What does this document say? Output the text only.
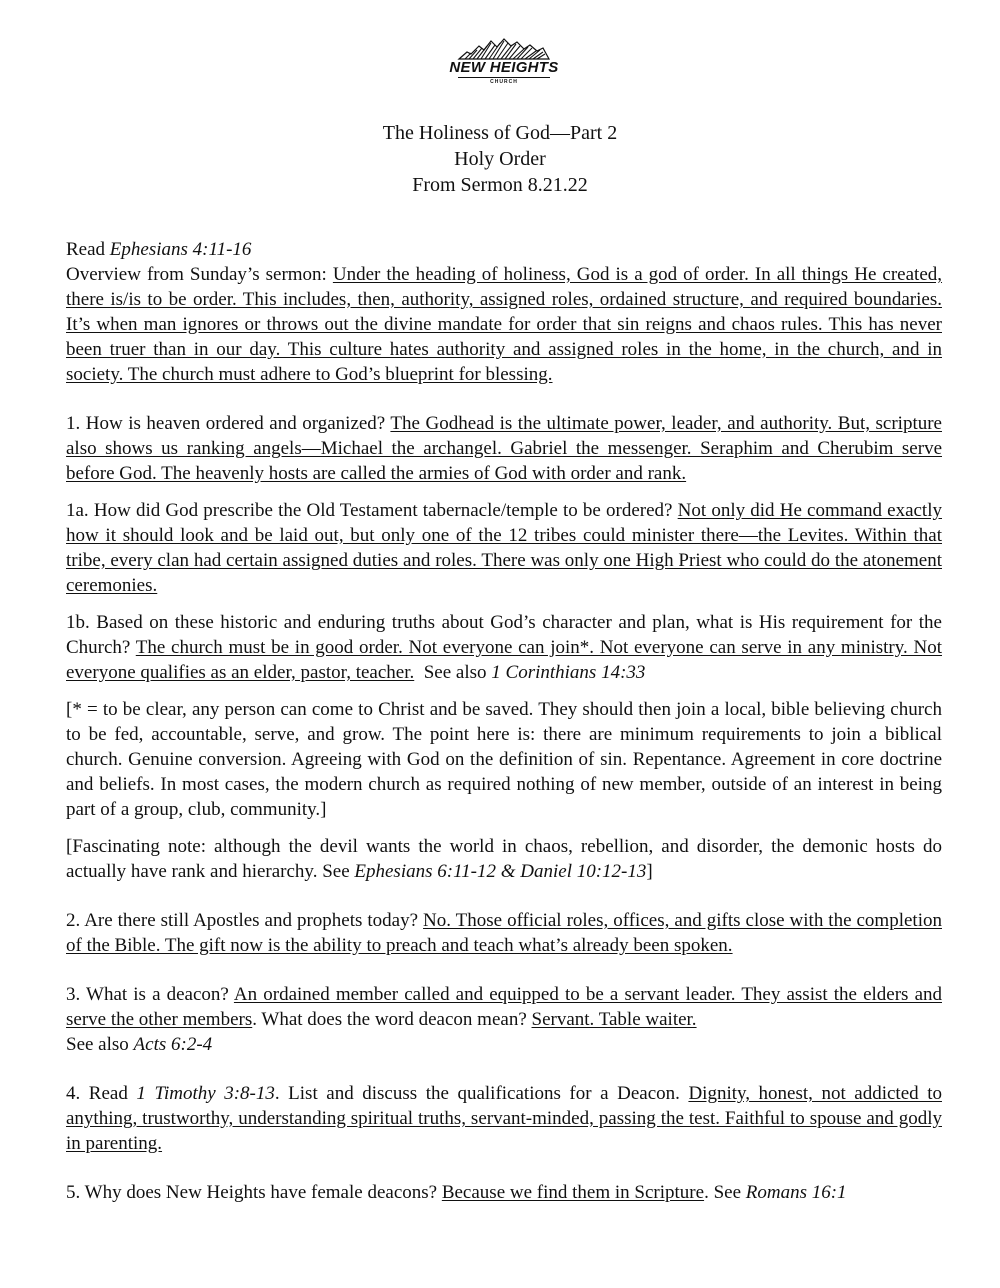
NEW HEIGHTS
CHURCH
The Holiness of God—Part 2
Holy Order
From Sermon 8.21.22

Read Ephesians 4:11-16

Overview from Sunday’s sermon: Under the heading of holiness, God is a god of order. In all things He created, there is/is to be order. This includes, then, authority, assigned roles, ordained structure, and required boundaries. It’s when man ignores or throws out the divine mandate for order that sin reigns and chaos rules. This has never been truer than in our day. This culture hates authority and assigned roles in the home, in the church, and in society. The church must adhere to God’s blueprint for blessing.

1. How is heaven ordered and organized? The Godhead is the ultimate power, leader, and authority. But, scripture also shows us ranking angels—Michael the archangel. Gabriel the messenger. Seraphim and Cherubim serve before God. The heavenly hosts are called the armies of God with order and rank.

1a. How did God prescribe the Old Testament tabernacle/temple to be ordered? Not only did He command exactly how it should look and be laid out, but only one of the 12 tribes could minister there—the Levites. Within that tribe, every clan had certain assigned duties and roles. There was only one High Priest who could do the atonement ceremonies.

1b. Based on these historic and enduring truths about God’s character and plan, what is His requirement for the Church? The church must be in good order. Not everyone can join*. Not everyone can serve in any ministry. Not everyone qualifies as an elder, pastor, teacher.  See also 1 Corinthians 14:33

[* = to be clear, any person can come to Christ and be saved. They should then join a local, bible believing church to be fed, accountable, serve, and grow. The point here is: there are minimum requirements to join a biblical church. Genuine conversion. Agreeing with God on the definition of sin. Repentance. Agreement in core doctrine and beliefs. In most cases, the modern church as required nothing of new member, outside of an interest in being part of a group, club, community.]

[Fascinating note: although the devil wants the world in chaos, rebellion, and disorder, the demonic hosts do actually have rank and hierarchy. See Ephesians 6:11-12 & Daniel 10:12-13]

2. Are there still Apostles and prophets today? No. Those official roles, offices, and gifts close with the completion of the Bible. The gift now is the ability to preach and teach what’s already been spoken.

3. What is a deacon? An ordained member called and equipped to be a servant leader. They assist the elders and serve the other members. What does the word deacon mean? Servant. Table waiter.
See also Acts 6:2-4

4. Read 1 Timothy 3:8-13. List and discuss the qualifications for a Deacon. Dignity, honest, not addicted to anything, trustworthy, understanding spiritual truths, servant-minded, passing the test. Faithful to spouse and godly in parenting.

5. Why does New Heights have female deacons? Because we find them in Scripture. See Romans 16:1
